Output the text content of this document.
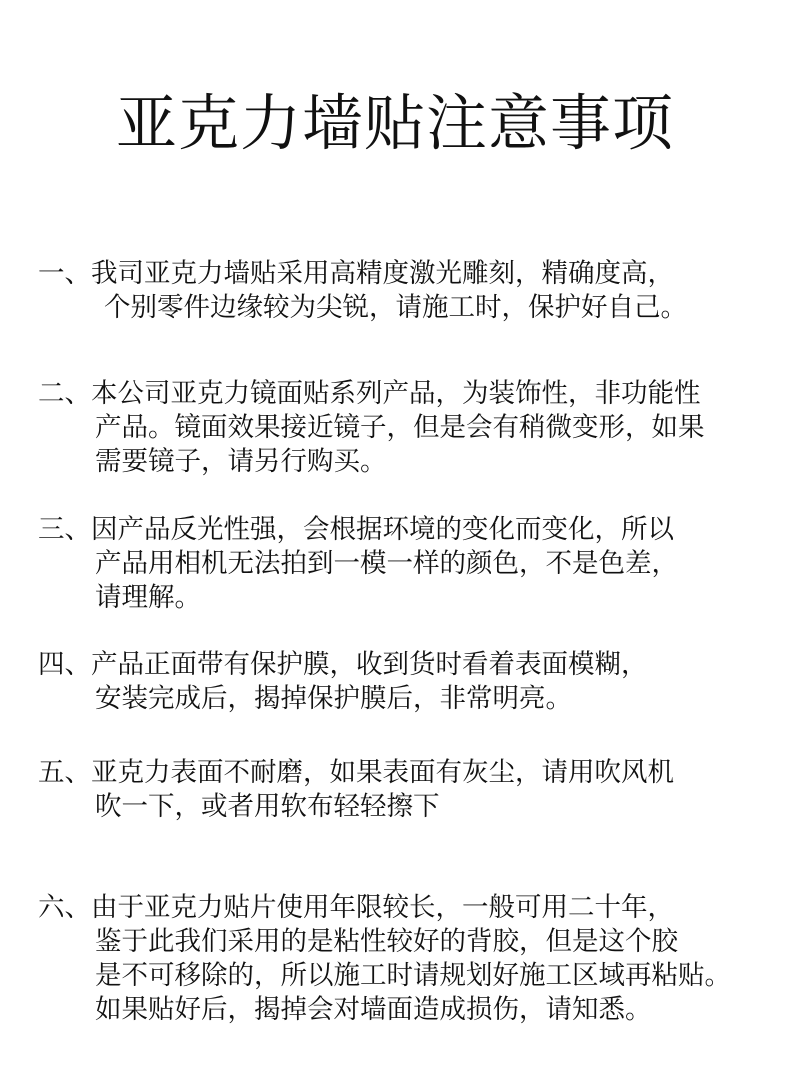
亚克力墙贴注意事项
一、我司亚克力墙贴采用高精度激光雕刻，精确度高，
个别零件边缘较为尖锐，请施工时，保护好自己。
二、本公司亚克力镜面贴系列产品，为装饰性，非功能性
产品。镜面效果接近镜子，但是会有稍微变形，如果
需要镜子，请另行购买。
三、因产品反光性强，会根据环境的变化而变化，所以
产品用相机无法拍到一模一样的颜色，不是色差，
请理解。
四、产品正面带有保护膜，收到货时看着表面模糊，
安装完成后，揭掉保护膜后，非常明亮。
五、亚克力表面不耐磨，如果表面有灰尘，请用吹风机
吹一下，或者用软布轻轻擦下
六、由于亚克力贴片使用年限较长，一般可用二十年，
鉴于此我们采用的是粘性较好的背胶，但是这个胶
是不可移除的，所以施工时请规划好施工区域再粘贴。
如果贴好后，揭掉会对墙面造成损伤，请知悉。
